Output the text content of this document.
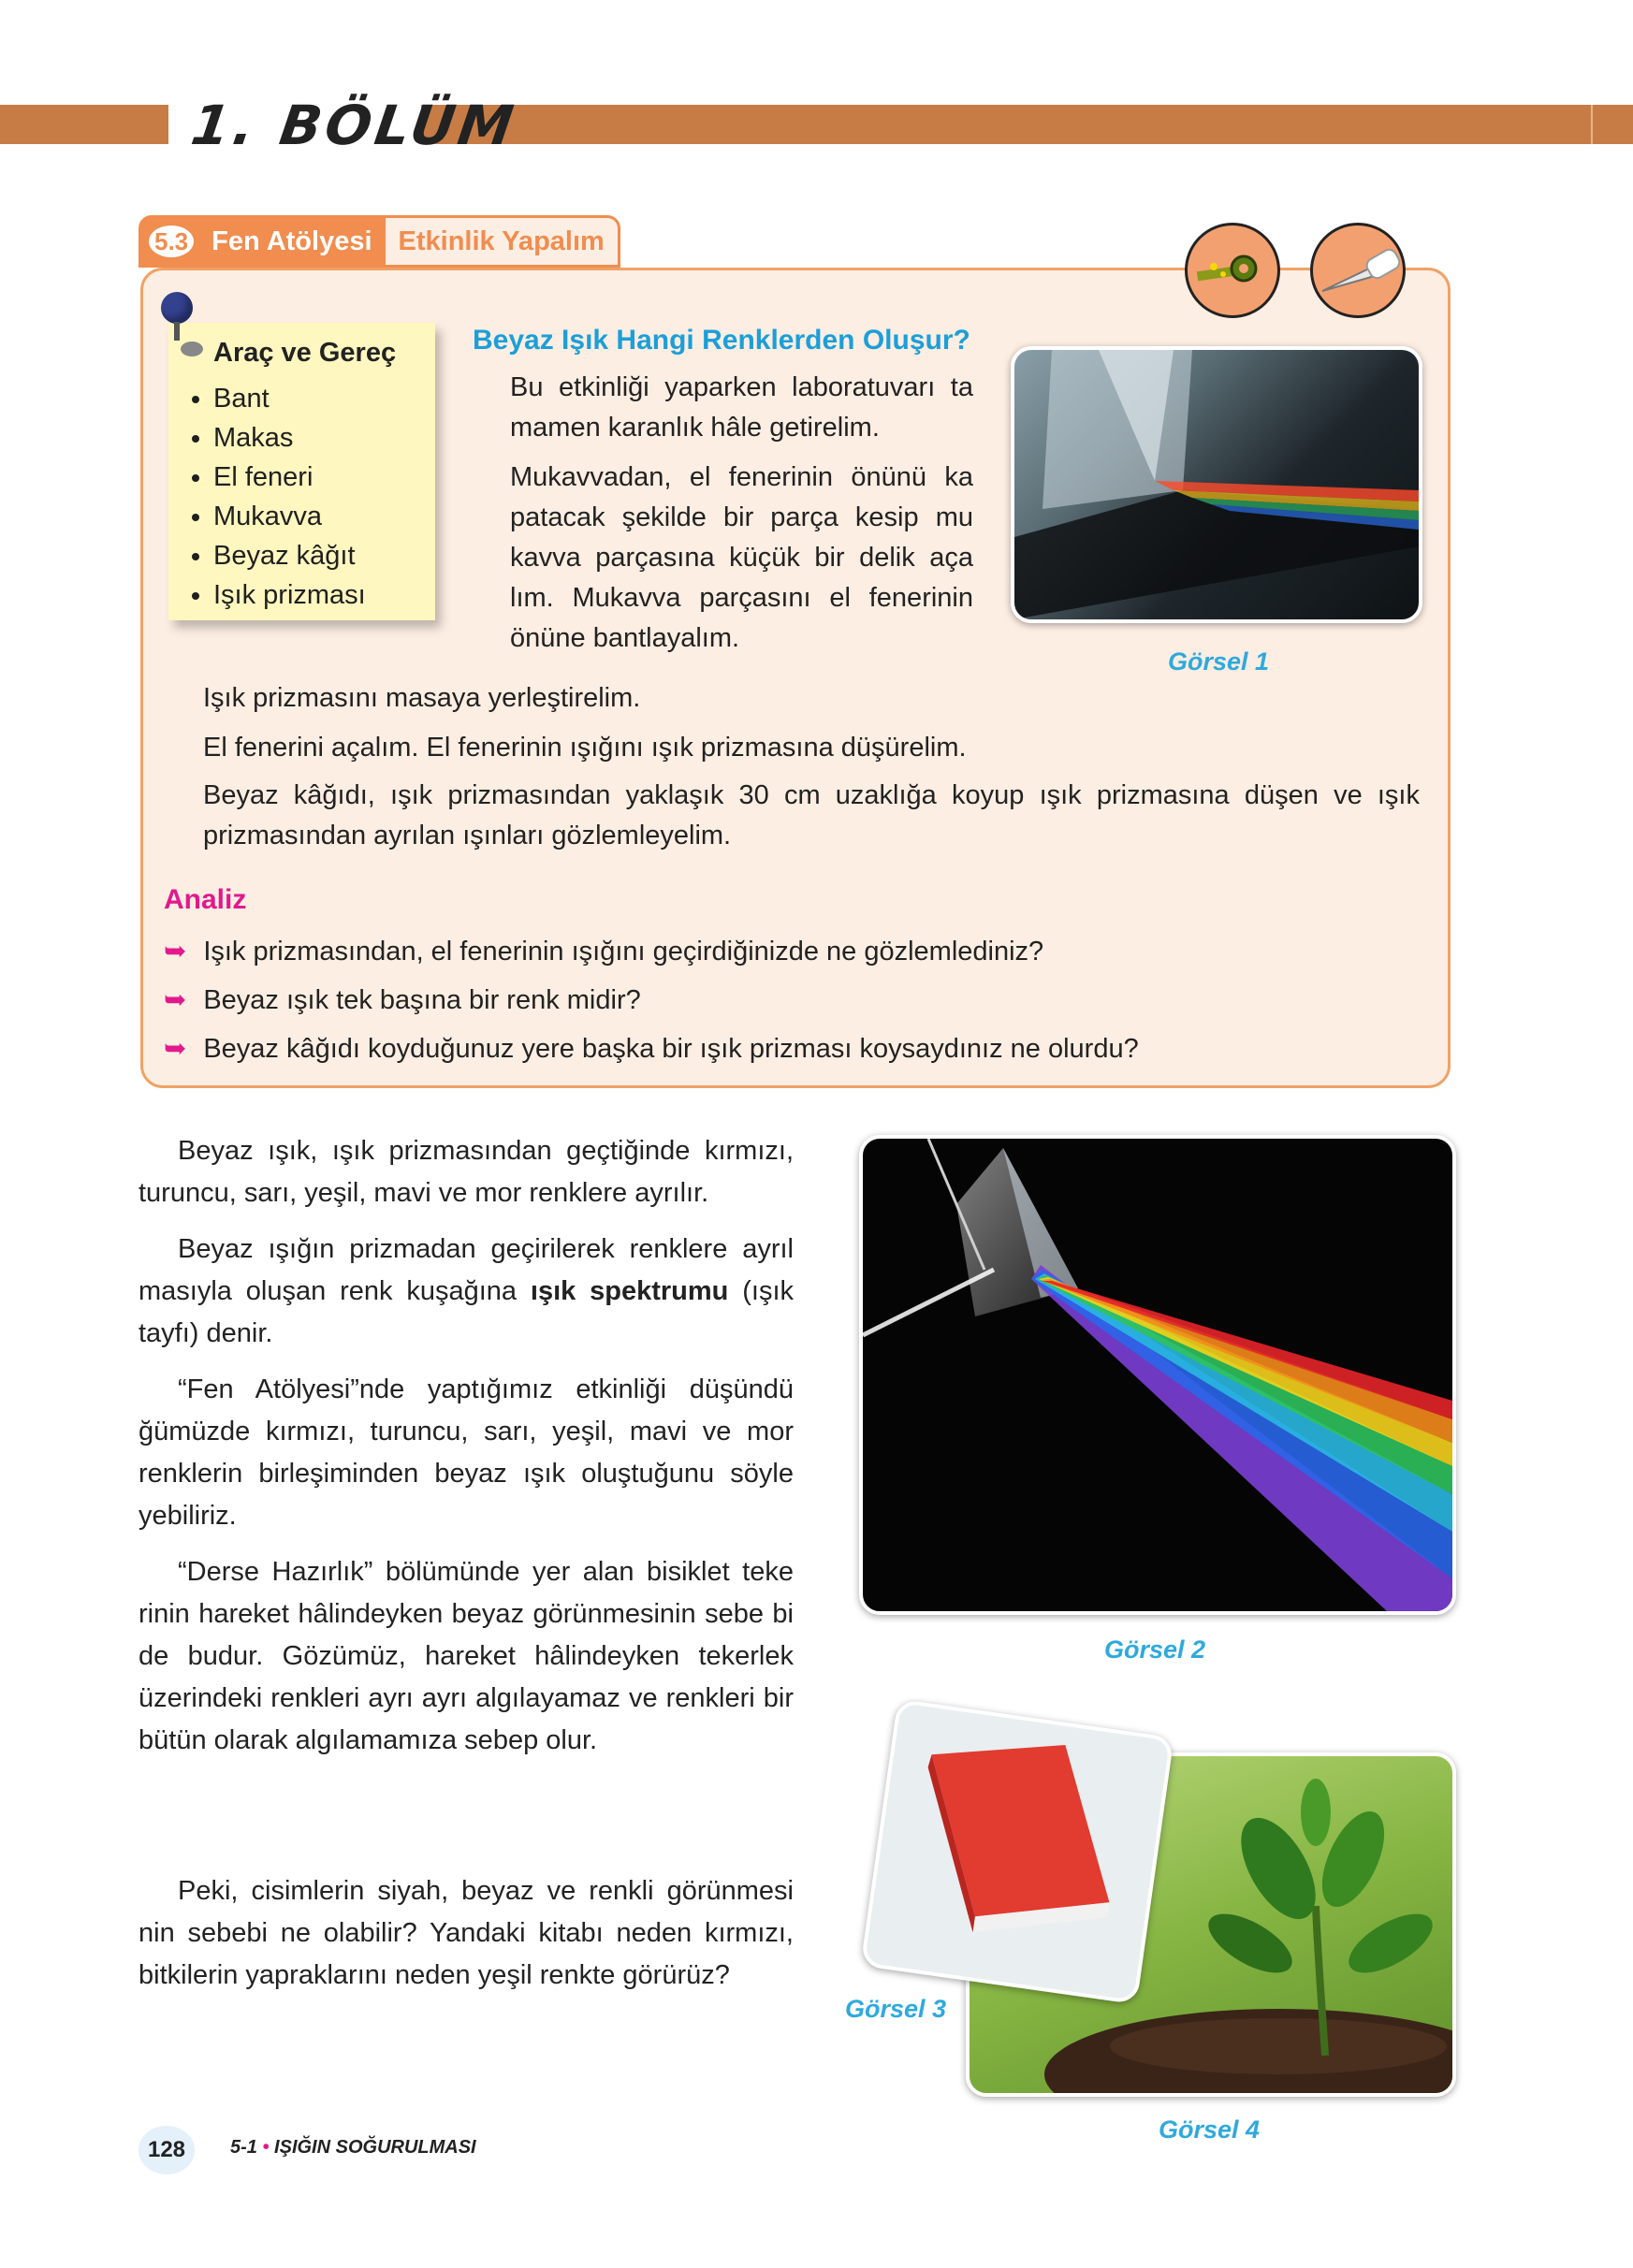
1. BÖLÜM
5.3 Fen Atölyesi Etkinlik Yapalım
Araç ve Gereç
• Bant
• Makas
• El feneri
• Mukavva
• Beyaz kâğıt
• Işık prizması
Beyaz Işık Hangi Renklerden Oluşur?
Bu etkinliği yaparken laboratuvarı ta mamen karanlık hâle getirelim.
Mukavvadan, el fenerinin önünü ka patacak şekilde bir parça kesip mu kavva parçasına küçük bir delik aça lım. Mukavva parçasını el fenerinin önüne bantlayalım.
Görsel 1
Işık prizmasını masaya yerleştirelim.
El fenerini açalım. El fenerinin ışığını ışık prizmasına düşürelim.
Beyaz kâğıdı, ışık prizmasından yaklaşık 30 cm uzaklığa koyup ışık prizmasına düşen ve ışık prizmasından ayrılan ışınları gözlemleyelim.
Analiz
➥ Işık prizmasından, el fenerinin ışığını geçirdiğinizde ne gözlemlediniz?
➥ Beyaz ışık tek başına bir renk midir?
➥ Beyaz kâğıdı koyduğunuz yere başka bir ışık prizması koysaydınız ne olurdu?
Beyaz ışık, ışık prizmasından geçtiğinde kırmızı, turuncu, sarı, yeşil, mavi ve mor renklere ayrılır.
Beyaz ışığın prizmadan geçirilerek renklere ayrıl masıyla oluşan renk kuşağına ışık spektrumu (ışık tayfı) denir.
“Fen Atölyesi”nde yaptığımız etkinliği düşündü ğümüzde kırmızı, turuncu, sarı, yeşil, mavi ve mor renklerin birleşiminden beyaz ışık oluştuğunu söyle yebiliriz.
“Derse Hazırlık” bölümünde yer alan bisiklet teke rinin hareket hâlindeyken beyaz görünmesinin sebe bi de budur. Gözümüz, hareket hâlindeyken tekerlek üzerindeki renkleri ayrı ayrı algılayamaz ve renkleri bir bütün olarak algılamamıza sebep olur.
Peki, cisimlerin siyah, beyaz ve renkli görünmesi nin sebebi ne olabilir? Yandaki kitabı neden kırmızı, bitkilerin yapraklarını neden yeşil renkte görürüz?
Görsel 2
Görsel 3
Görsel 4
128	5-1 • IŞIĞIN SOĞURULMASI
